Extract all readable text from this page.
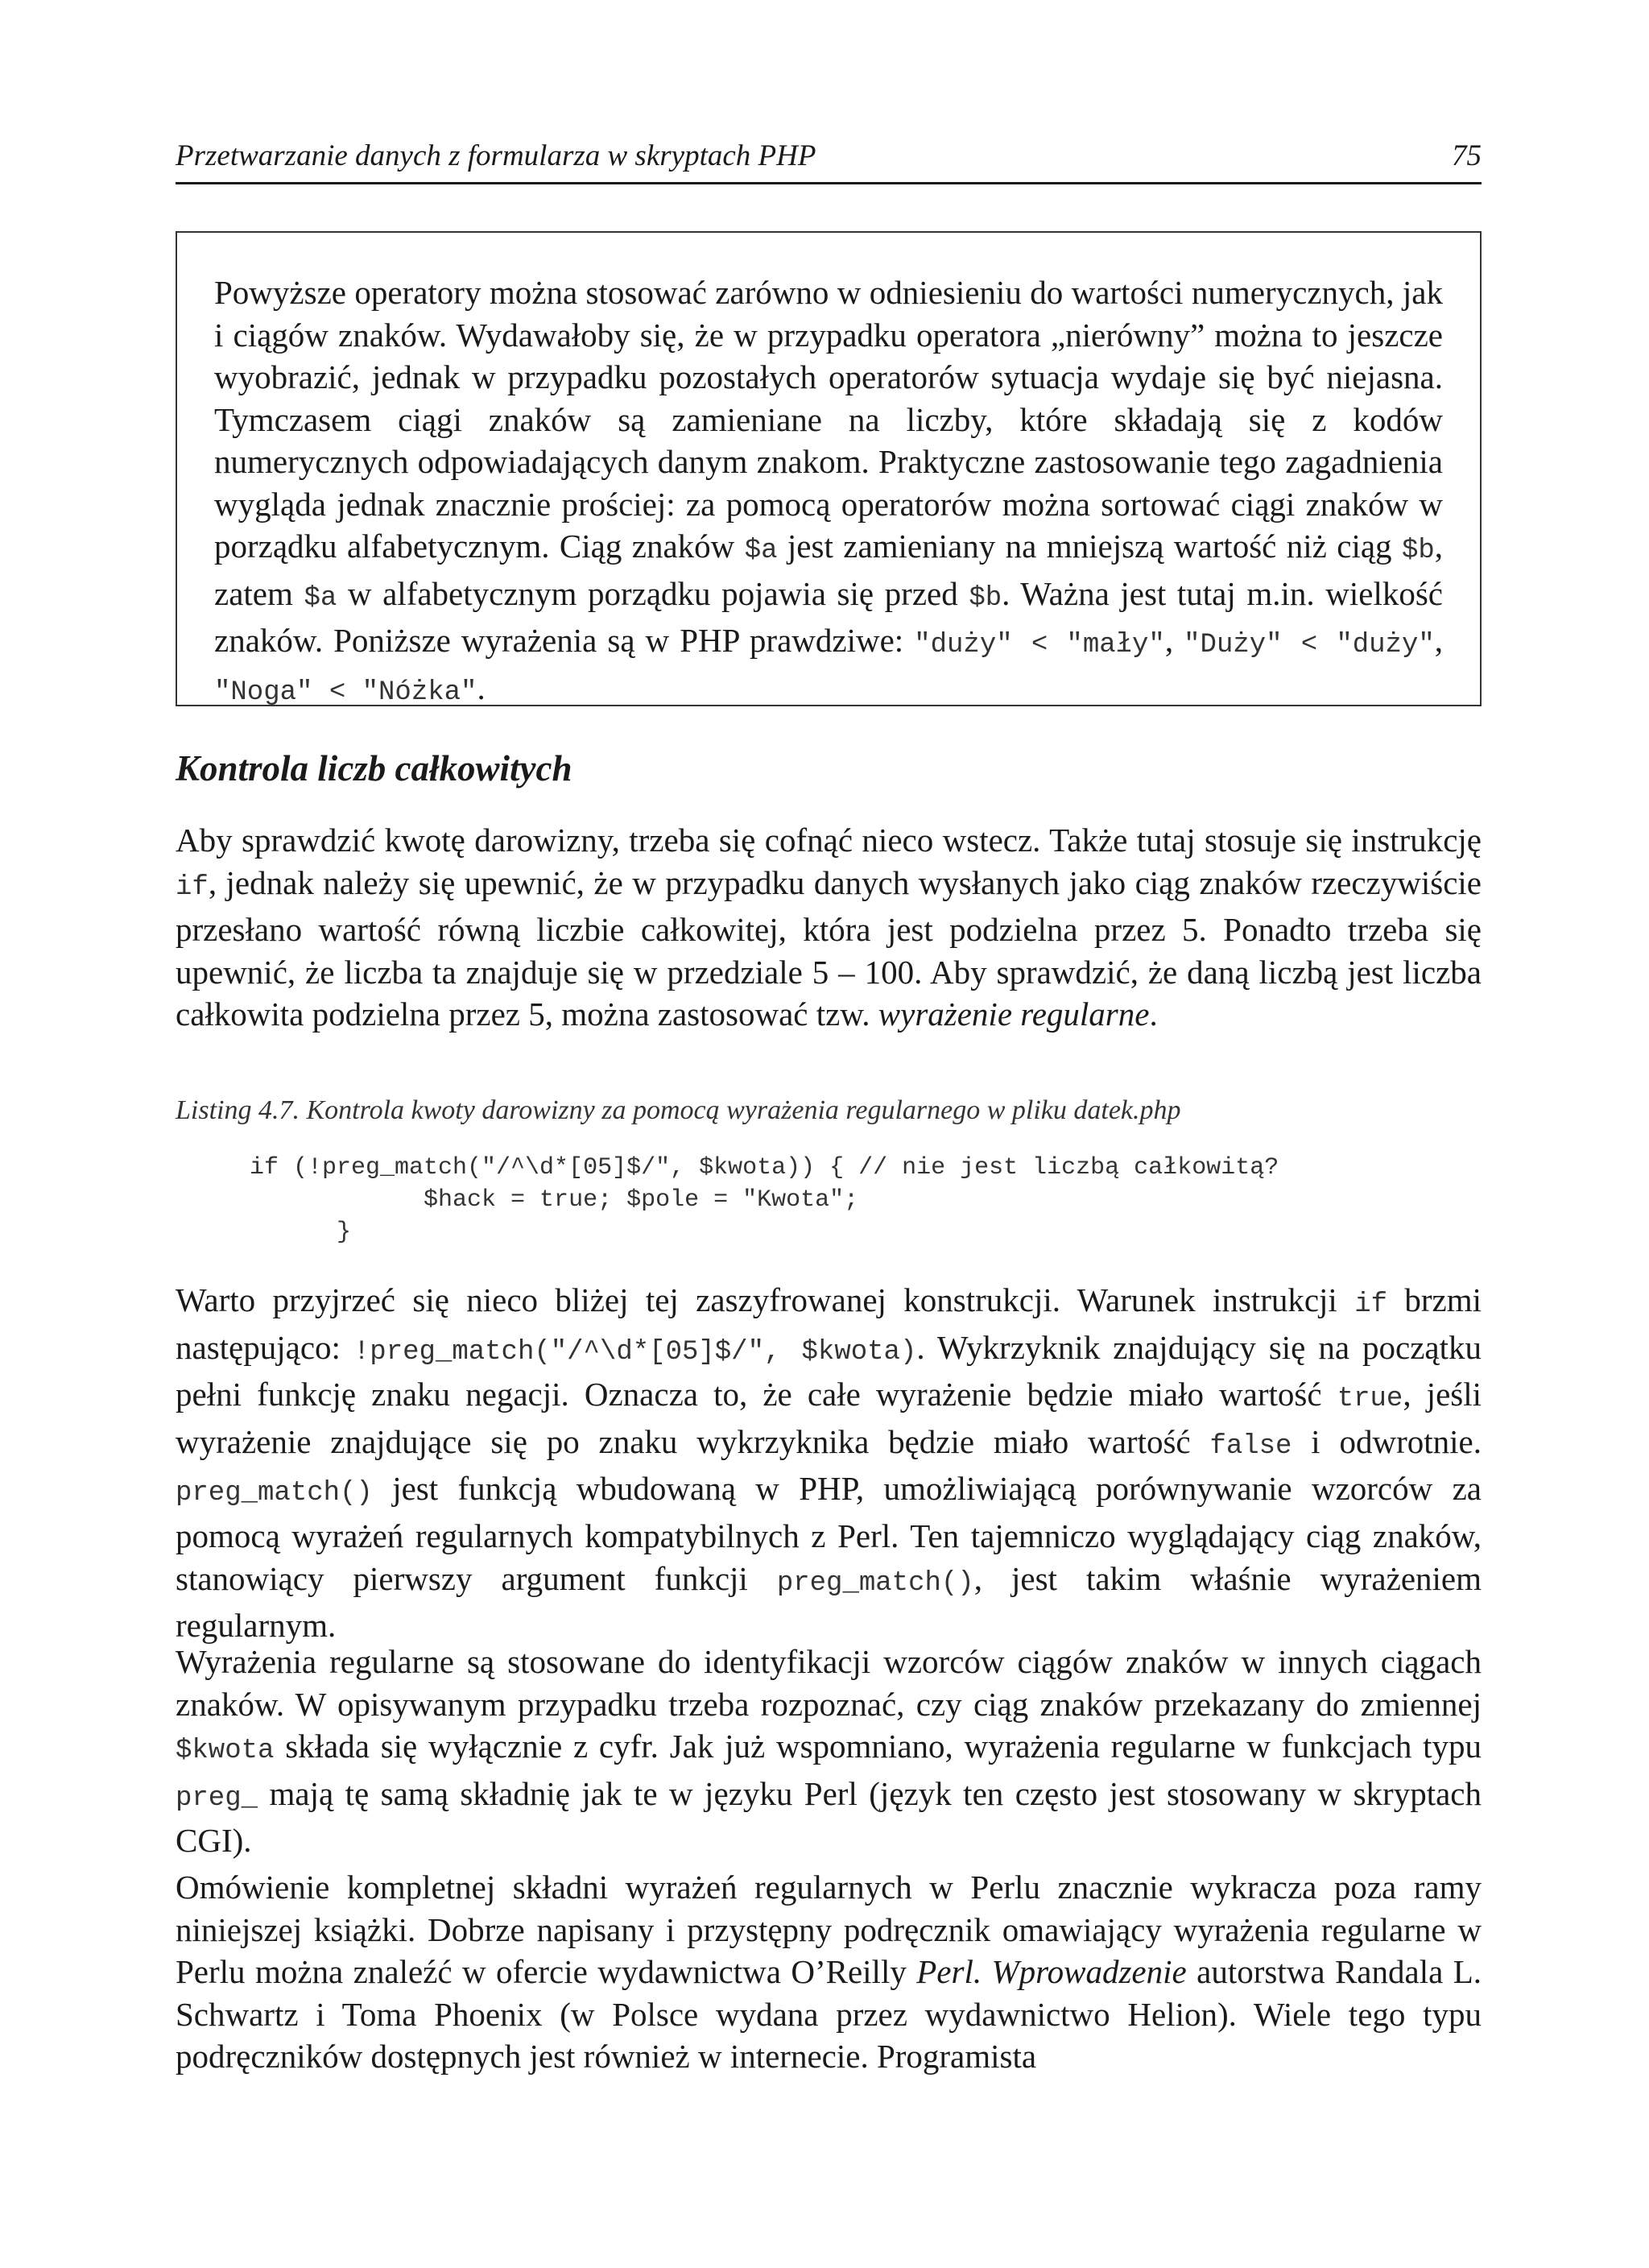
Przetwarzanie danych z formularza w skryptach PHP	75

Powyższe operatory można stosować zarówno w odniesieniu do wartości numerycznych, jak i ciągów znaków. Wydawałoby się, że w przypadku operatora „nierówny” można to jeszcze wyobrazić, jednak w przypadku pozostałych operatorów sytuacja wydaje się być niejasna. Tymczasem ciągi znaków są zamieniane na liczby, które składają się z kodów numerycznych odpowiadających danym znakom. Praktyczne zastosowanie tego zagadnienia wygląda jednak znacznie prościej: za pomocą operatorów można sortować ciągi znaków w porządku alfabetycznym. Ciąg znaków $a jest zamieniany na mniejszą wartość niż ciąg $b, zatem $a w alfabetycznym porządku pojawia się przed $b. Ważna jest tutaj m.in. wielkość znaków. Poniższe wyrażenia są w PHP prawdziwe: "duży" < "mały", "Duży" < "duży", "Noga" < "Nóżka".

Kontrola liczb całkowitych

Aby sprawdzić kwotę darowizny, trzeba się cofnąć nieco wstecz. Także tutaj stosuje się instrukcję if, jednak należy się upewnić, że w przypadku danych wysłanych jako ciąg znaków rzeczywiście przesłano wartość równą liczbie całkowitej, która jest podzielna przez 5. Ponadto trzeba się upewnić, że liczba ta znajduje się w przedziale 5 – 100. Aby sprawdzić, że daną liczbą jest liczba całkowita podzielna przez 5, można zastosować tzw. wyrażenie regularne.

Listing 4.7. Kontrola kwoty darowizny za pomocą wyrażenia regularnego w pliku datek.php

if (!preg_match("/^\d*[05]$/", $kwota)) { // nie jest liczbą całkowitą?
$hack = true; $pole = "Kwota";
}

Warto przyjrzeć się nieco bliżej tej zaszyfrowanej konstrukcji. Warunek instrukcji if brzmi następująco: !preg_match("/^\d*[05]$/", $kwota). Wykrzyknik znajdujący się na początku pełni funkcję znaku negacji. Oznacza to, że całe wyrażenie będzie miało wartość true, jeśli wyrażenie znajdujące się po znaku wykrzyknika będzie miało wartość false i odwrotnie. preg_match() jest funkcją wbudowaną w PHP, umożliwiającą porównywanie wzorców za pomocą wyrażeń regularnych kompatybilnych z Perl. Ten tajemniczo wyglądający ciąg znaków, stanowiący pierwszy argument funkcji preg_match(), jest takim właśnie wyrażeniem regularnym.

Wyrażenia regularne są stosowane do identyfikacji wzorców ciągów znaków w innych ciągach znaków. W opisywanym przypadku trzeba rozpoznać, czy ciąg znaków przekazany do zmiennej $kwota składa się wyłącznie z cyfr. Jak już wspomniano, wyrażenia regularne w funkcjach typu preg_ mają tę samą składnię jak te w języku Perl (język ten często jest stosowany w skryptach CGI).

Omówienie kompletnej składni wyrażeń regularnych w Perlu znacznie wykracza poza ramy niniejszej książki. Dobrze napisany i przystępny podręcznik omawiający wyrażenia regularne w Perlu można znaleźć w ofercie wydawnictwa O’Reilly Perl. Wprowadzenie autorstwa Randala L. Schwartz i Toma Phoenix (w Polsce wydana przez wydawnictwo Helion). Wiele tego typu podręczników dostępnych jest również w internecie. Programista
